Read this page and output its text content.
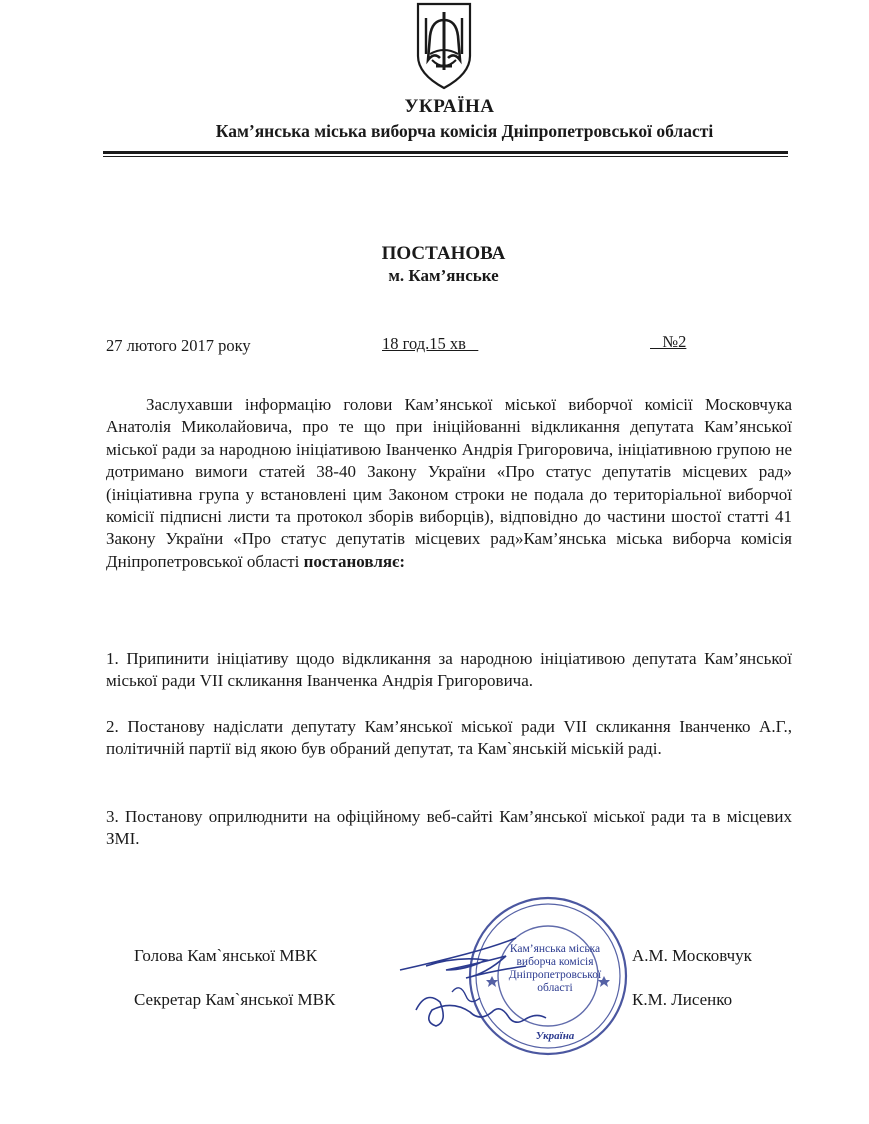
УКРАЇНА
Кам’янська міська виборча комісія Дніпропетровської області
ПОСТАНОВА
м. Кам’янське
27 лютого 2017 року	18 год.15 хв	№2
Заслухавши інформацію голови Кам’янської міської виборчої комісії Московчука Анатолія Миколайовича, про те що при ініційованні відкликання депутата Кам’янської міської ради за народною ініціативою Іванченко Андрія Григоровича, ініціативною групою не дотримано вимоги статей 38-40 Закону України «Про статус депутатів місцевих рад» (ініціативна група у встановлені цим Законом строки не подала до територіальної виборчої комісії підписні листи та протокол зборів виборців), відповідно до частини шостої статті 41 Закону України «Про статус депутатів місцевих рад»Кам’янська міська виборча комісія Дніпропетровської області постановляє:
1. Припинити ініціативу щодо відкликання за народною ініціативою депутата Кам’янської міської ради VII скликання Іванченка Андрія Григоровича.
2. Постанову надіслати депутату Кам’янської міської ради VII скликання Іванченко А.Г., політичній партії від якою був обраний депутат, та Кам`янській міській раді.
3. Постанову оприлюднити на офіційному веб-сайті Кам’янської міської ради та в місцевих ЗМІ.
Кам’янська міська виборча комісія Дніпропетровської області
Україна
Голова Кам`янської МВК	А.М. Московчук
Секретар Кам`янської МВК	К.М. Лисенко
